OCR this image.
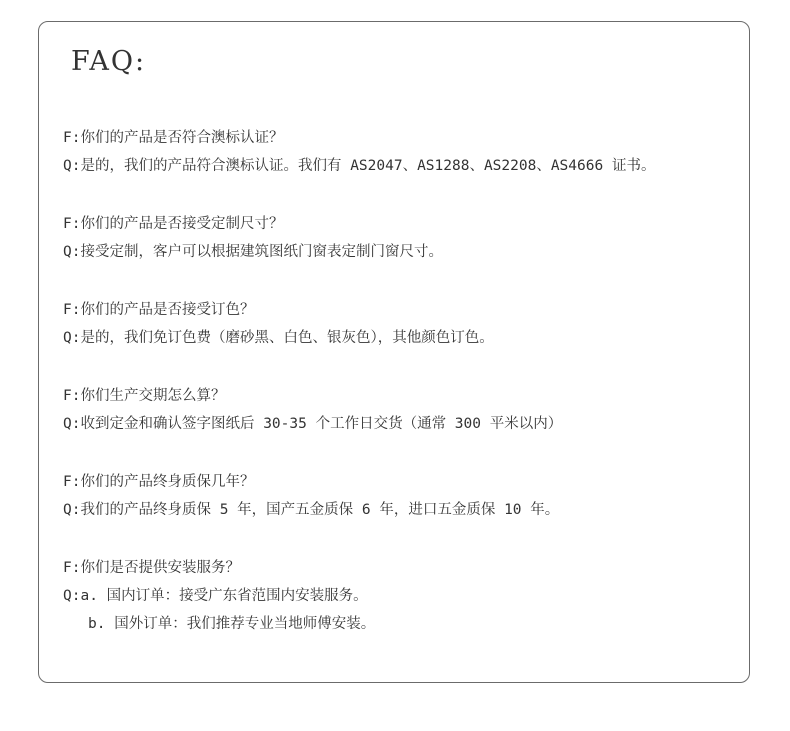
FAQ:
F:你们的产品是否符合澳标认证？
Q:是的，我们的产品符合澳标认证。我们有 AS2047、AS1288、AS2208、AS4666 证书。
F:你们的产品是否接受定制尺寸？
Q:接受定制，客户可以根据建筑图纸门窗表定制门窗尺寸。
F:你们的产品是否接受订色？
Q:是的，我们免订色费（磨砂黑、白色、银灰色），其他颜色订色。
F:你们生产交期怎么算？
Q:收到定金和确认签字图纸后 30-35 个工作日交货（通常 300 平米以内）
F:你们的产品终身质保几年？
Q:我们的产品终身质保 5 年，国产五金质保 6 年，进口五金质保 10 年。
F:你们是否提供安装服务？
Q:a. 国内订单：接受广东省范围内安装服务。
b. 国外订单：我们推荐专业当地师傅安装。
